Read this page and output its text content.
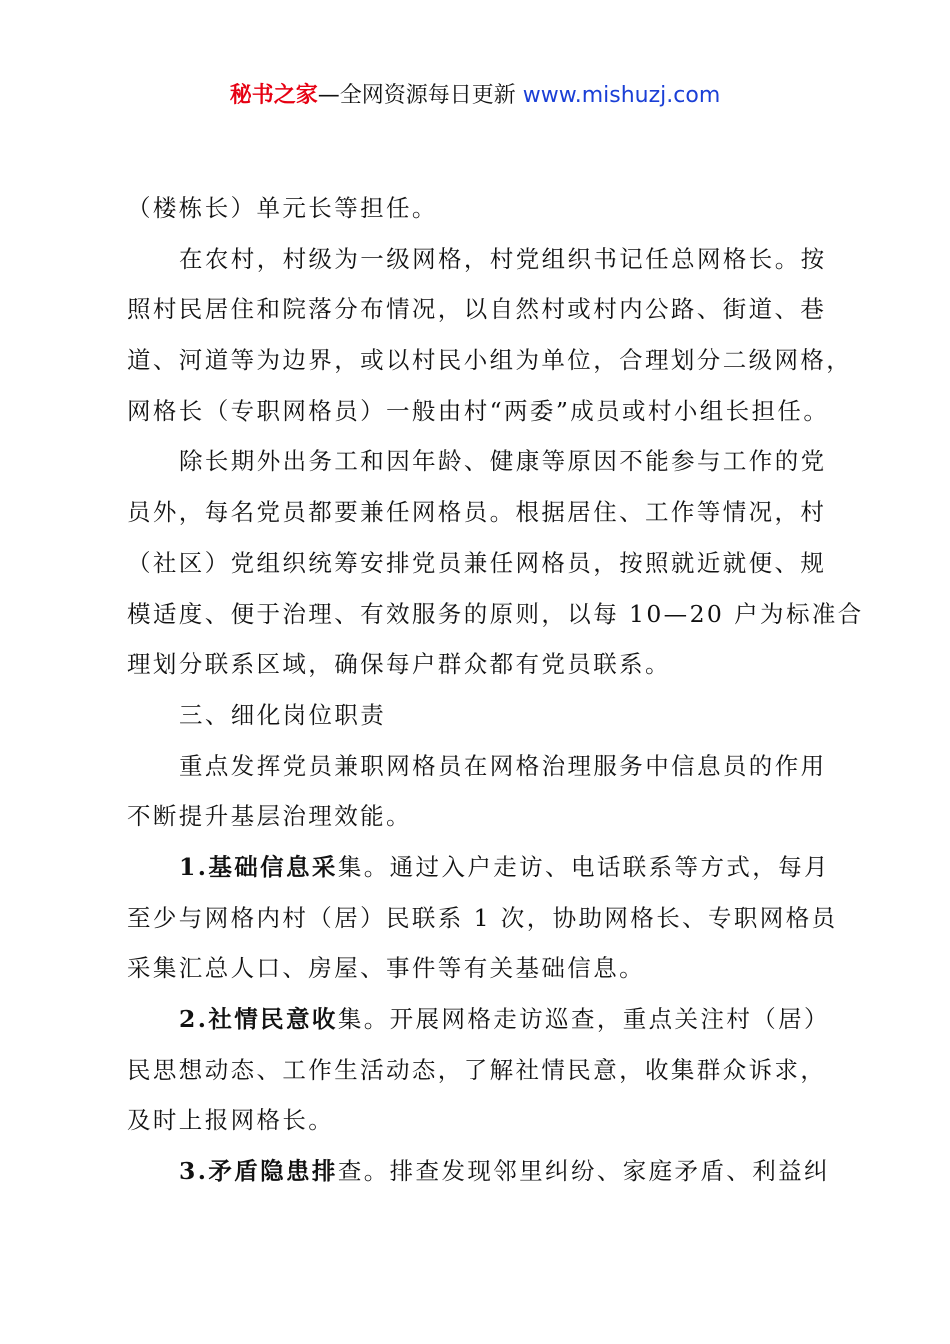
秘书之家—全网资源每日更新 www.mishuzj.com
（楼栋长）单元长等担任。
在农村，村级为一级网格，村党组织书记任总网格长。按
照村民居住和院落分布情况，以自然村或村内公路、街道、巷
道、河道等为边界，或以村民小组为单位，合理划分二级网格，
网格长（专职网格员）一般由村“两委”成员或村小组长担任。
除长期外出务工和因年龄、健康等原因不能参与工作的党
员外，每名党员都要兼任网格员。根据居住、工作等情况，村
（社区）党组织统筹安排党员兼任网格员，按照就近就便、规
模适度、便于治理、有效服务的原则，以每 10—20 户为标准合
理划分联系区域，确保每户群众都有党员联系。
三、细化岗位职责
重点发挥党员兼职网格员在网格治理服务中信息员的作用
不断提升基层治理效能。
1.基础信息采集。通过入户走访、电话联系等方式，每月
至少与网格内村（居）民联系 1 次，协助网格长、专职网格员
采集汇总人口、房屋、事件等有关基础信息。
2.社情民意收集。开展网格走访巡查，重点关注村（居）
民思想动态、工作生活动态，了解社情民意，收集群众诉求，
及时上报网格长。
3.矛盾隐患排查。排查发现邻里纠纷、家庭矛盾、利益纠
